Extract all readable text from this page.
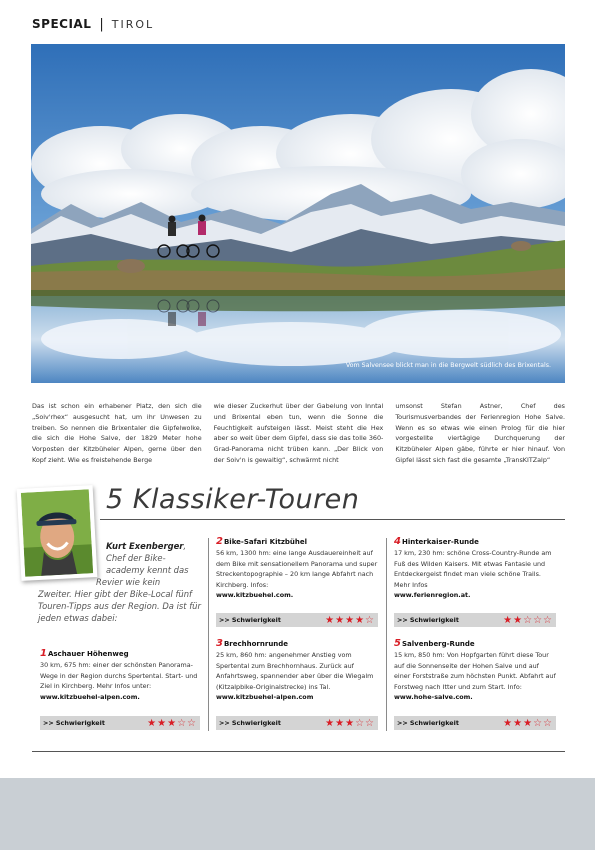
SPECIAL | TIROL
Vom Salvensee blickt man in die Bergwelt südlich des Brixentals.

Das ist schon ein erhabener Platz, den sich die „Soiv'rhex“ ausgesucht hat, um ihr Unwesen zu treiben. So nennen die Brixentaler die Gipfelwolke, die sich die Hohe Salve, der 1829 Meter hohe Vorposten der Kitzbüheler Alpen, gerne über den Kopf zieht. Wie es freistehende Berge

wie dieser Zuckerhut über der Gabelung von Inntal und Brixental eben tun, wenn die Sonne die Feuchtigkeit aufsteigen lässt. Meist steht die Hex aber so weit über dem Gipfel, dass sie das tolle 360-Grad-Panorama nicht trüben kann. „Der Blick von der Soiv'n is gewaltig“, schwärmt nicht

umsonst Stefan Astner, Chef des Tourismusverbandes der Ferienregion Hohe Salve. Wenn es so etwas wie einen Prolog für die hier vorgestellte viertägige Durchquerung der Kitzbüheler Alpen gäbe, führte er hier hinauf. Von Gipfel lässt sich fast die gesamte „TransKITZalp“

5 Klassiker-Touren
Kurt Exenberger,
Chef der Bike-
academy kennt das
Revier wie kein
Zweiter. Hier gibt der Bike-Local fünf Touren-Tipps aus der Region. Da ist für jeden etwas dabei:
1Aschauer Höhenweg
30 km, 675 hm: einer der schönsten Panorama-Wege in der Region durchs Spertental. Start- und Ziel in Kirchberg. Mehr Infos unter:
www.kitzbuehel-alpen.com.
>> Schwierigkeit	★ ★ ★ ☆ ☆
2Bike-Safari Kitzbühel
56 km, 1300 hm: eine lange Ausdauereinheit auf dem Bike mit sensationellem Panorama und super Streckentopographie – 20 km lange Abfahrt nach Kirchberg. Infos:
www.kitzbuehel.com.
>> Schwierigkeit	★ ★ ★ ★ ☆
3Brechhornrunde
25 km, 860 hm: angenehmer Anstieg vom Spertental zum Brechhornhaus. Zurück auf Anfahrtsweg, spannender aber über die Wiegalm (Kitzalpbike-Originalstrecke) ins Tal.
www.kitzbuehel-alpen.com
>> Schwierigkeit	★ ★ ★ ☆ ☆
4Hinterkaiser-Runde
17 km, 230 hm: schöne Cross-Country-Runde am Fuß des Wilden Kaisers. Mit etwas Fantasie und Entdeckergeist findet man viele schöne Trails. Mehr Infos
www.ferienregion.at.
>> Schwierigkeit	★ ★ ☆ ☆ ☆
5Salvenberg-Runde
15 km, 850 hm: Von Hopfgarten führt diese Tour auf die Sonnenseite der Hohen Salve und auf einer Forststraße zum höchsten Punkt. Abfahrt auf Forstweg nach Itter und zum Start. Info:
www.hohe-salve.com.
>> Schwierigkeit	★ ★ ★ ☆ ☆
